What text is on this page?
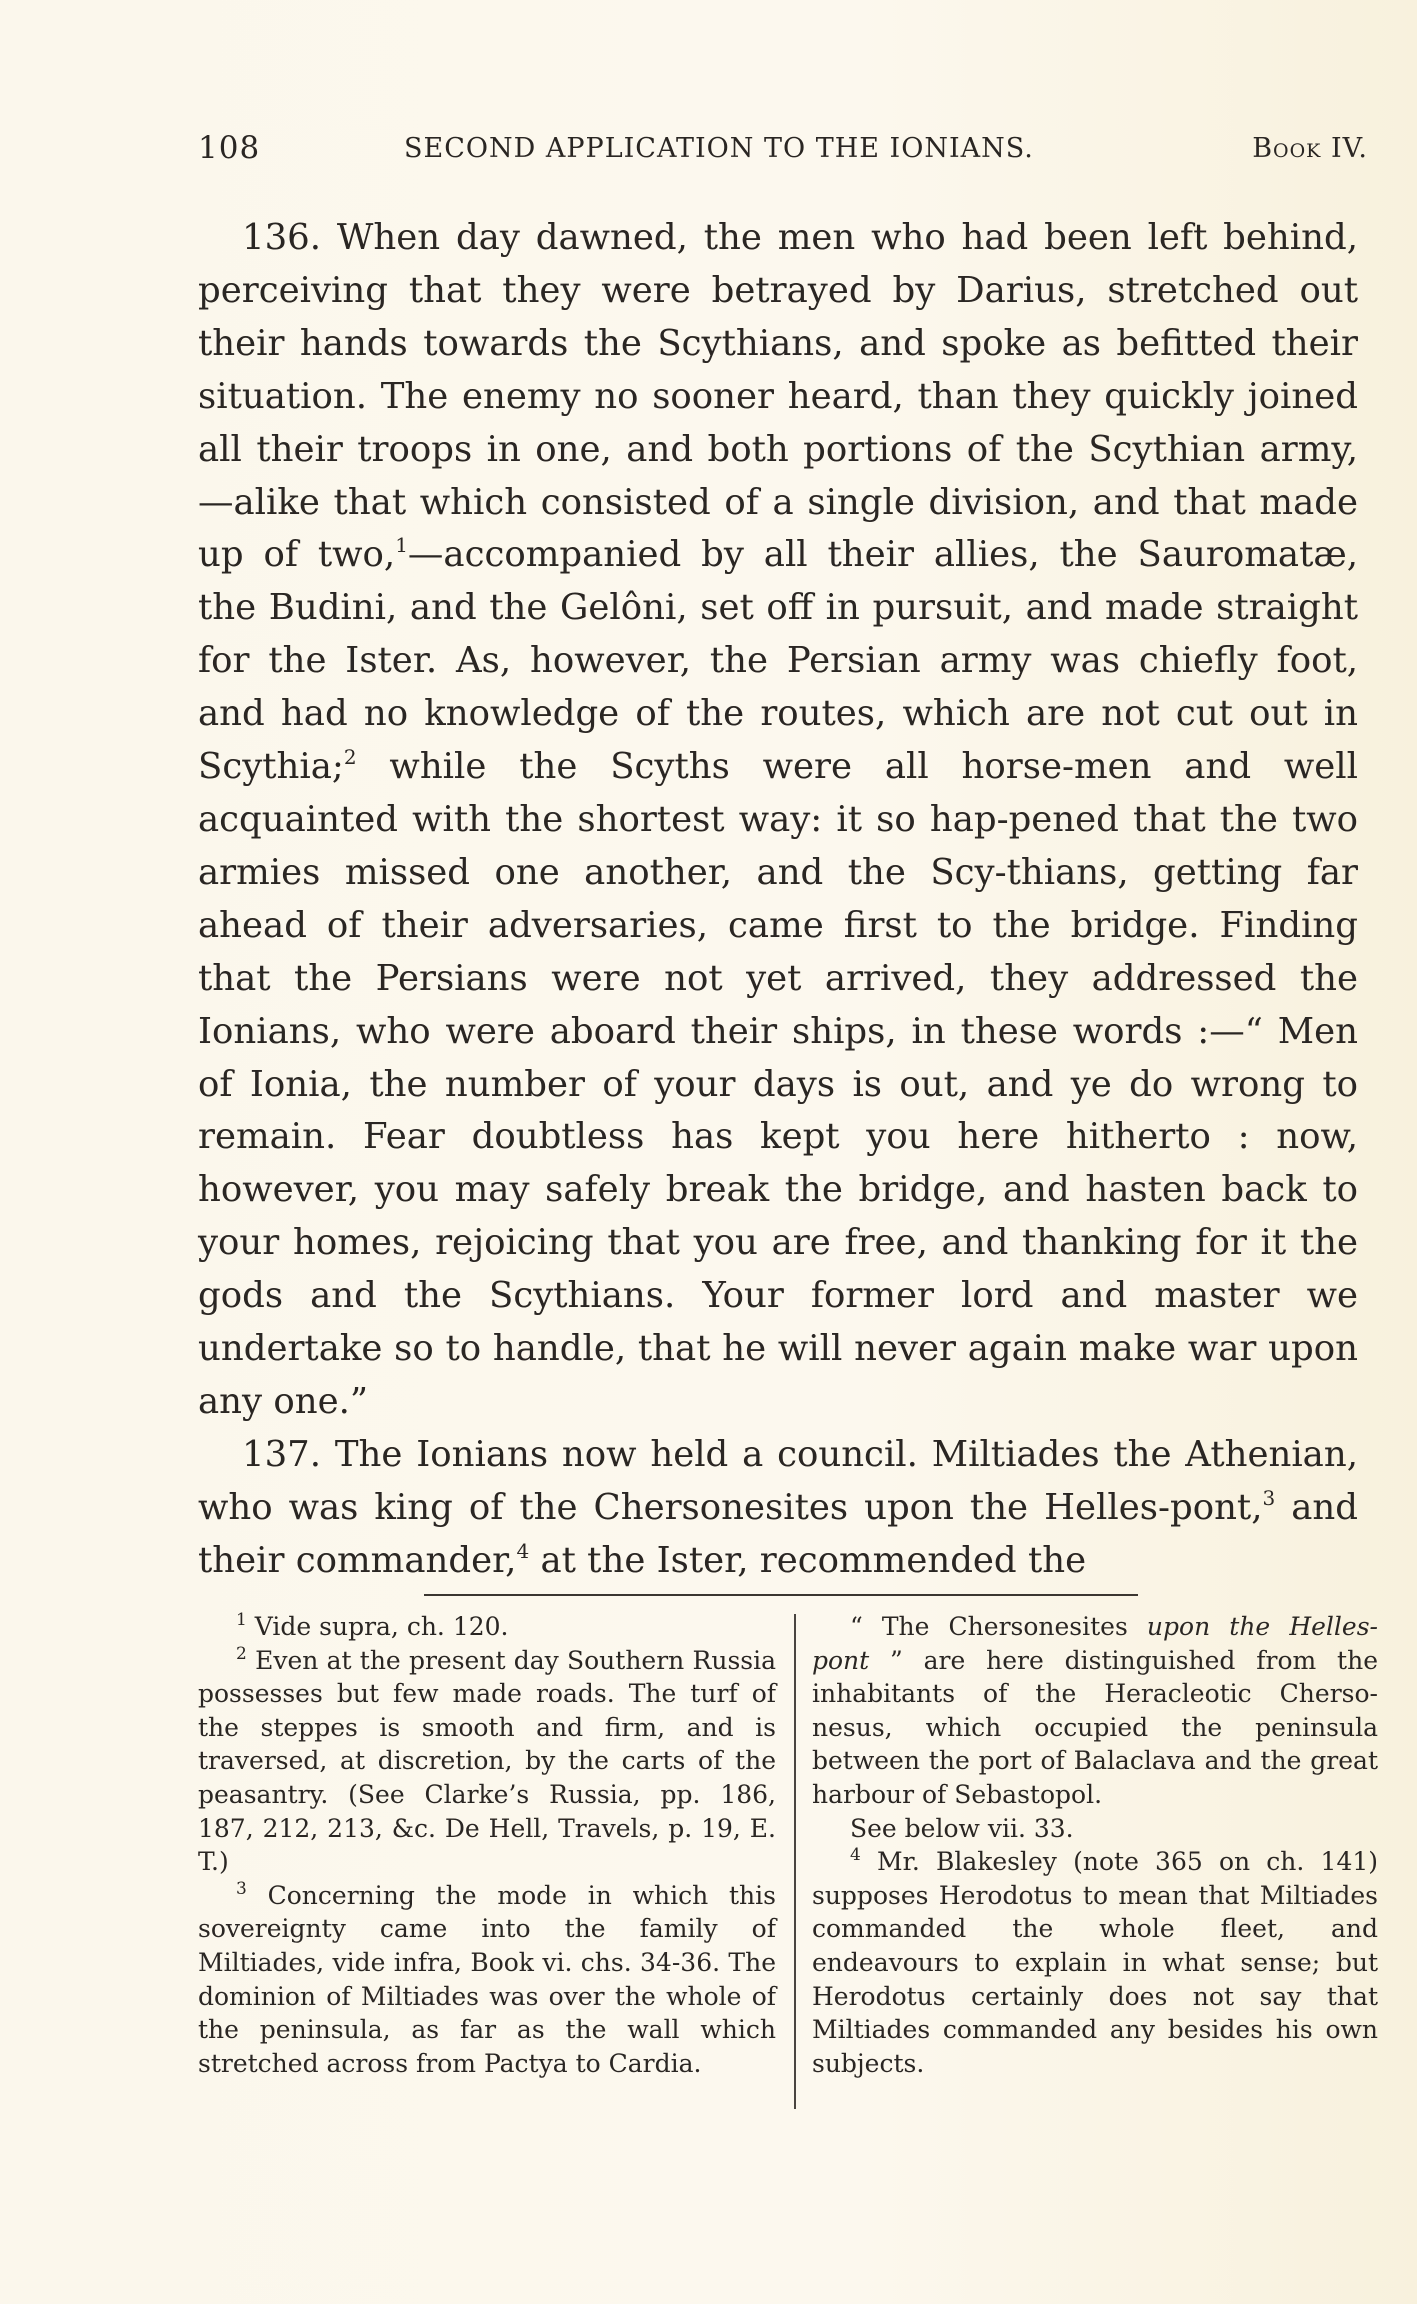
108	SECOND APPLICATION TO THE IONIANS.	Book IV.

136. When day dawned, the men who had been left behind, perceiving that they were betrayed by Darius, stretched out their hands towards the Scythians, and spoke as befitted their situation. The enemy no sooner heard, than they quickly joined all their troops in one, and both portions of the Scythian army,—alike that which consisted of a single division, and that made up of two,$^1$—accompanied by all their allies, the Sauromatæ, the Budini, and the Gelôni, set off in pursuit, and made straight for the Ister. As, however, the Persian army was chiefly foot, and had no knowledge of the routes, which are not cut out in Scythia;$^2$ while the Scyths were all horse-men and well acquainted with the shortest way: it so hap-pened that the two armies missed one another, and the Scy-thians, getting far ahead of their adversaries, came first to the bridge. Finding that the Persians were not yet arrived, they addressed the Ionians, who were aboard their ships, in these words :—“ Men of Ionia, the number of your days is out, and ye do wrong to remain. Fear doubtless has kept you here hitherto : now, however, you may safely break the bridge, and hasten back to your homes, rejoicing that you are free, and thanking for it the gods and the Scythians. Your former lord and master we undertake so to handle, that he will never again make war upon any one.”

137. The Ionians now held a council. Miltiades the Athenian, who was king of the Chersonesites upon the Helles-pont,$^3$ and their commander,$^4$ at the Ister, recommended the

$^1$ Vide supra, ch. 120.

$^2$ Even at the present day Southern Russia possesses but few made roads. The turf of the steppes is smooth and firm, and is traversed, at discretion, by the carts of the peasantry. (See Clarke’s Russia, pp. 186, 187, 212, 213, &c. De Hell, Travels, p. 19, E. T.)

$^3$ Concerning the mode in which this sovereignty came into the family of Miltiades, vide infra, Book vi. chs. 34-36. The dominion of Miltiades was over the whole of the peninsula, as far as the wall which stretched across from Pactya to Cardia.

“ The Chersonesites upon the Helles-pont ” are here distinguished from the inhabitants of the Heracleotic Cherso-nesus, which occupied the peninsula between the port of Balaclava and the great harbour of Sebastopol.

See below vii. 33.

$^4$ Mr. Blakesley (note 365 on ch. 141) supposes Herodotus to mean that Miltiades commanded the whole fleet, and endeavours to explain in what sense; but Herodotus certainly does not say that Miltiades commanded any besides his own subjects.
